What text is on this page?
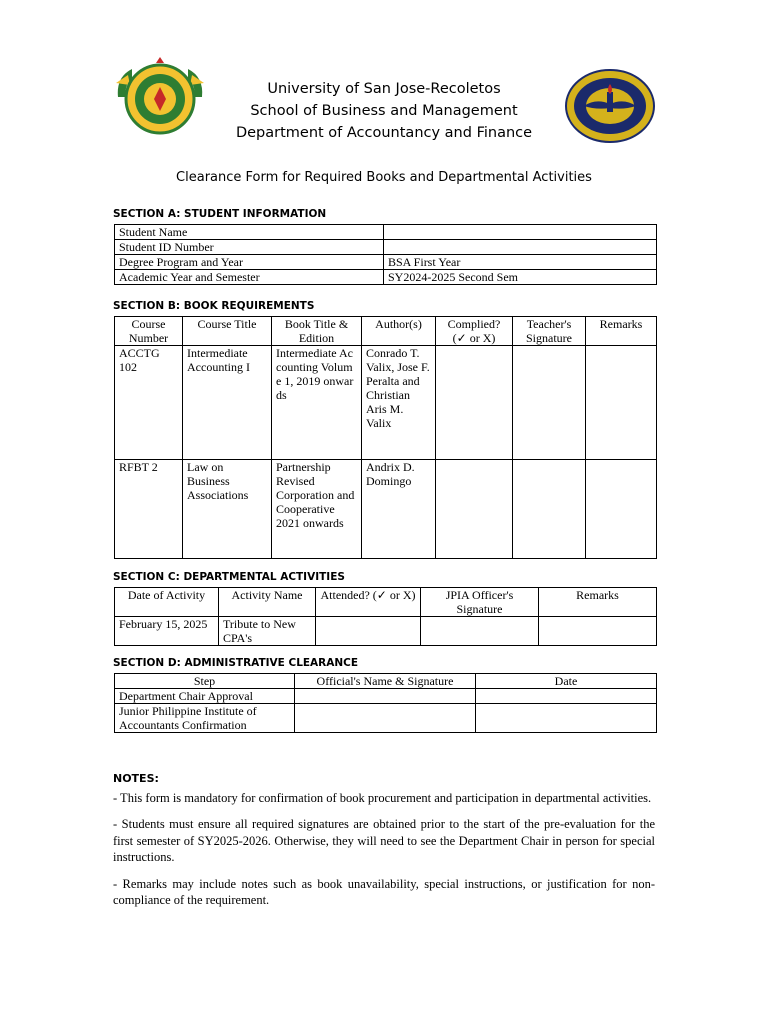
University of San Jose-Recoletos
School of Business and Management
Department of Accountancy and Finance
Clearance Form for Required Books and Departmental Activities
SECTION A: STUDENT INFORMATION
Student Name	
Student ID Number	
Degree Program and Year	BSA First Year
Academic Year and Semester	SY2024-2025 Second Sem
SECTION B: BOOK REQUIREMENTS
Course Number	Course Title	Book Title & Edition	Author(s)	Complied? (✓ or X)	Teacher's Signature	Remarks
ACCTG 102	Intermediate Accounting I	Intermediate Accounting Volume 1, 2019 onwards	Conrado T. Valix, Jose F. Peralta and Christian Aris M. Valix			
RFBT 2	Law on Business Associations	Partnership Revised Corporation and Cooperative 2021 onwards	Andrix D. Domingo			
SECTION C: DEPARTMENTAL ACTIVITIES
Date of Activity	Activity Name	Attended? (✓ or X)	JPIA Officer's Signature	Remarks
February 15, 2025	Tribute to New CPA's			
SECTION D: ADMINISTRATIVE CLEARANCE
Step	Official's Name & Signature	Date
Department Chair Approval		
Junior Philippine Institute of Accountants Confirmation		
NOTES:

- This form is mandatory for confirmation of book procurement and participation in departmental activities.

- Students must ensure all required signatures are obtained prior to the start of the pre-evaluation for the first semester of SY2025-2026. Otherwise, they will need to see the Department Chair in person for special instructions.

- Remarks may include notes such as book unavailability, special instructions, or justification for non-compliance of the requirement.
